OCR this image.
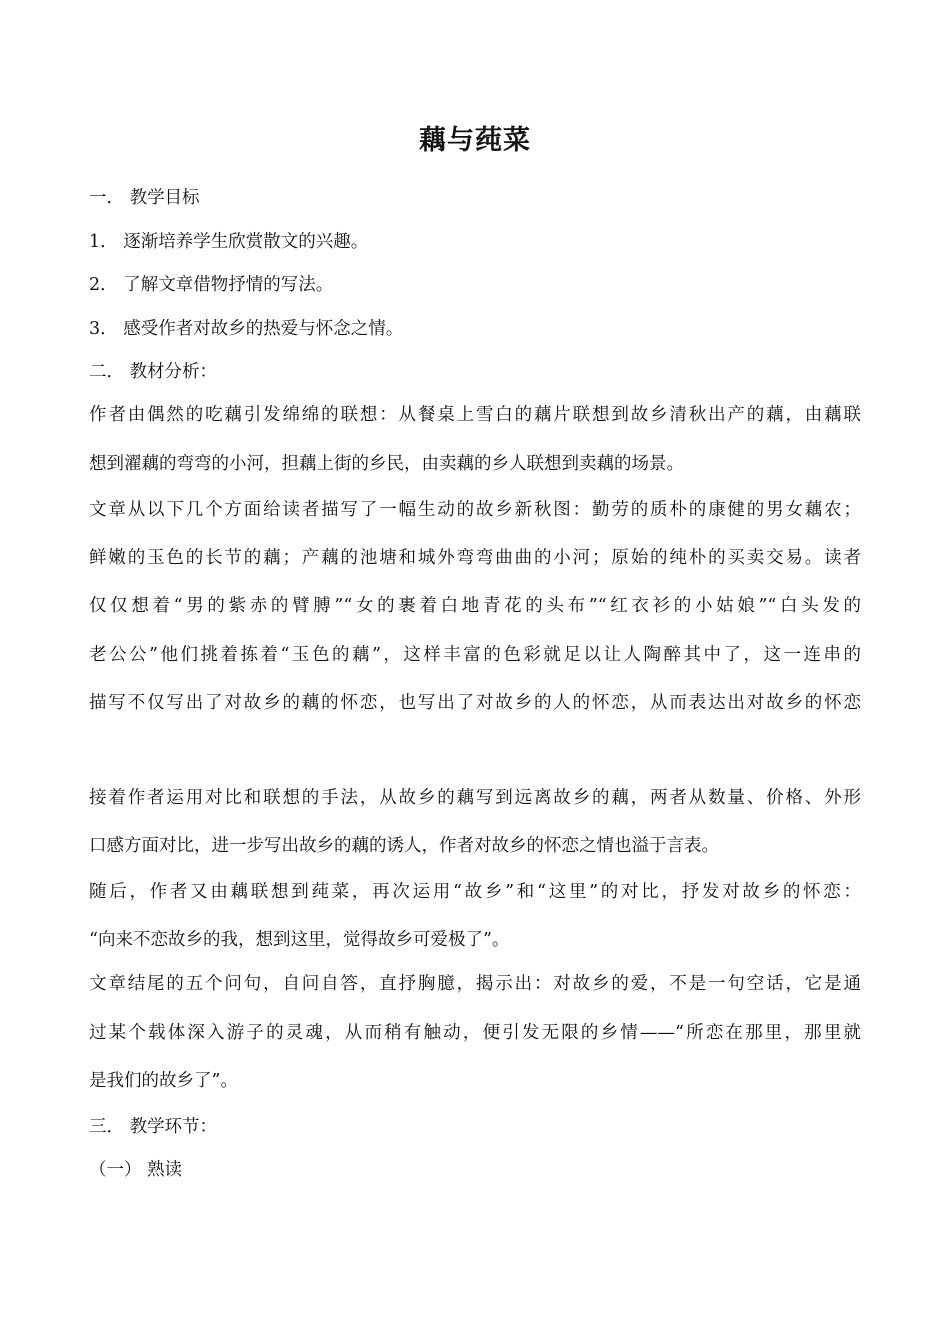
藕与莼菜
一． 教学目标
1． 逐渐培养学生欣赏散文的兴趣。
2． 了解文章借物抒情的写法。
3． 感受作者对故乡的热爱与怀念之情。
二． 教材分析：
作者由偶然的吃藕引发绵绵的联想：从餐桌上雪白的藕片联想到故乡清秋出产的藕，由藕联
想到濯藕的弯弯的小河，担藕上街的乡民，由卖藕的乡人联想到卖藕的场景。
文章从以下几个方面给读者描写了一幅生动的故乡新秋图：勤劳的质朴的康健的男女藕农；
鲜嫩的玉色的长节的藕；产藕的池塘和城外弯弯曲曲的小河；原始的纯朴的买卖交易。读者
仅仅想着“男的紫赤的臂膊”“女的裹着白地青花的头布”“红衣衫的小姑娘”“白头发的
老公公”他们挑着拣着“玉色的藕”，这样丰富的色彩就足以让人陶醉其中了，这一连串的
描写不仅写出了对故乡的藕的怀恋，也写出了对故乡的人的怀恋，从而表达出对故乡的怀恋
接着作者运用对比和联想的手法，从故乡的藕写到远离故乡的藕，两者从数量、价格、外形
口感方面对比，进一步写出故乡的藕的诱人，作者对故乡的怀恋之情也溢于言表。
随后，作者又由藕联想到莼菜，再次运用“故乡”和“这里”的对比，抒发对故乡的怀恋：
“向来不恋故乡的我，想到这里，觉得故乡可爱极了”。
文章结尾的五个问句，自问自答，直抒胸臆，揭示出：对故乡的爱，不是一句空话，它是通
过某个载体深入游子的灵魂，从而稍有触动，便引发无限的乡情——“所恋在那里，那里就
是我们的故乡了”。
三． 教学环节：
（一） 熟读
